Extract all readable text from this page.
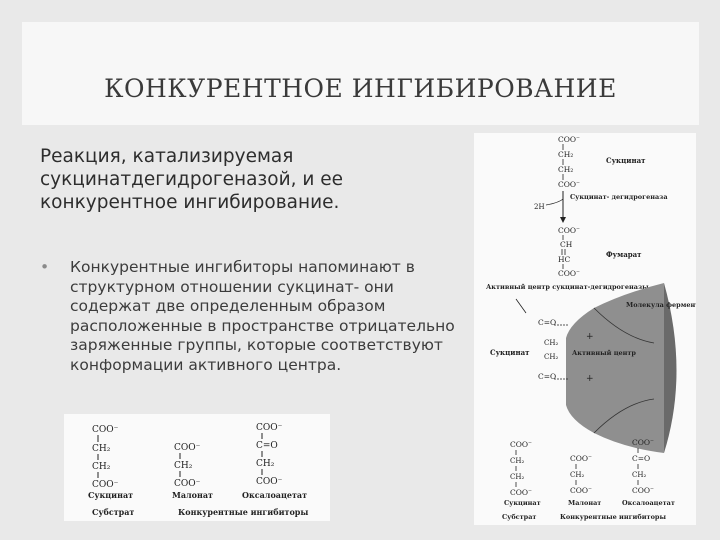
КОНКУРЕНТНОЕ ИНГИБИРОВАНИЕ
Реакция, катализируемая сукцинатдегидрогеназой, и ее конкурентное ингибирование.
• Конкурентные ингибиторы напоминают в структурном отношении сукцинат- они содержат две определенным образом расположенные в пространстве отрицательно заряженные группы, которые соответствуют конформации активного центра.
COO⁻
CH₂
CH₂
COO⁻
Сукцинат
Субстрат
COO⁻
CH₂
COO⁻
Малонат
COO⁻
C=O
CH₂
COO⁻
Оксалоацетат
Конкурентные ингибиторы
COO⁻
CH₂
CH₂
COO⁻
Сукцинат
2H
Сукцинат- дегидрогеназа
COO⁻
CH
HC
COO⁻
Фумарат
Активный центр сукцинат-дегидрогеназы
Молекула фермента
Активный центр
+
+
C=O
CH₂
CH₂
C=O
Сукцинат
COO⁻
CH₂
CH₂
COO⁻
Сукцинат
Субстрат
COO⁻
CH₂
COO⁻
Малонат
COO⁻
C=O
CH₂
COO⁻
Оксалоацетат
Конкурентные ингибиторы
